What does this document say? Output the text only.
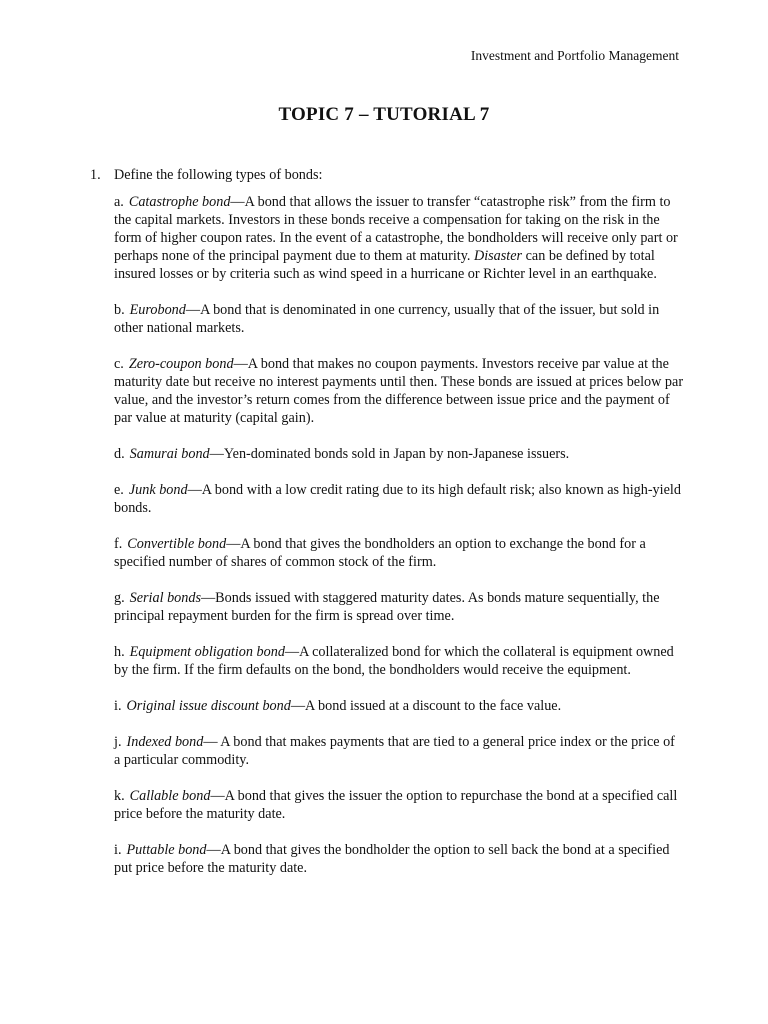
Investment and Portfolio Management
TOPIC 7 – TUTORIAL 7
1. Define the following types of bonds:

a. Catastrophe bond—A bond that allows the issuer to transfer “catastrophe risk” from the firm to the capital markets. Investors in these bonds receive a compensation for taking on the risk in the form of higher coupon rates. In the event of a catastrophe, the bondholders will receive only part or perhaps none of the principal payment due to them at maturity. Disaster can be defined by total insured losses or by criteria such as wind speed in a hurricane or Richter level in an earthquake.

b. Eurobond—A bond that is denominated in one currency, usually that of the issuer, but sold in other national markets.

c. Zero-coupon bond—A bond that makes no coupon payments. Investors receive par value at the maturity date but receive no interest payments until then. These bonds are issued at prices below par value, and the investor’s return comes from the difference between issue price and the payment of par value at maturity (capital gain).

d. Samurai bond—Yen-dominated bonds sold in Japan by non-Japanese issuers.

e. Junk bond—A bond with a low credit rating due to its high default risk; also known as high-yield bonds.

f. Convertible bond—A bond that gives the bondholders an option to exchange the bond for a specified number of shares of common stock of the firm.

g. Serial bonds—Bonds issued with staggered maturity dates. As bonds mature sequentially, the principal repayment burden for the firm is spread over time.

h. Equipment obligation bond—A collateralized bond for which the collateral is equipment owned by the firm. If the firm defaults on the bond, the bondholders would receive the equipment.

i. Original issue discount bond—A bond issued at a discount to the face value.

j. Indexed bond— A bond that makes payments that are tied to a general price index or the price of a particular commodity.

k. Callable bond—A bond that gives the issuer the option to repurchase the bond at a specified call price before the maturity date.

i. Puttable bond—A bond that gives the bondholder the option to sell back the bond at a specified put price before the maturity date.
